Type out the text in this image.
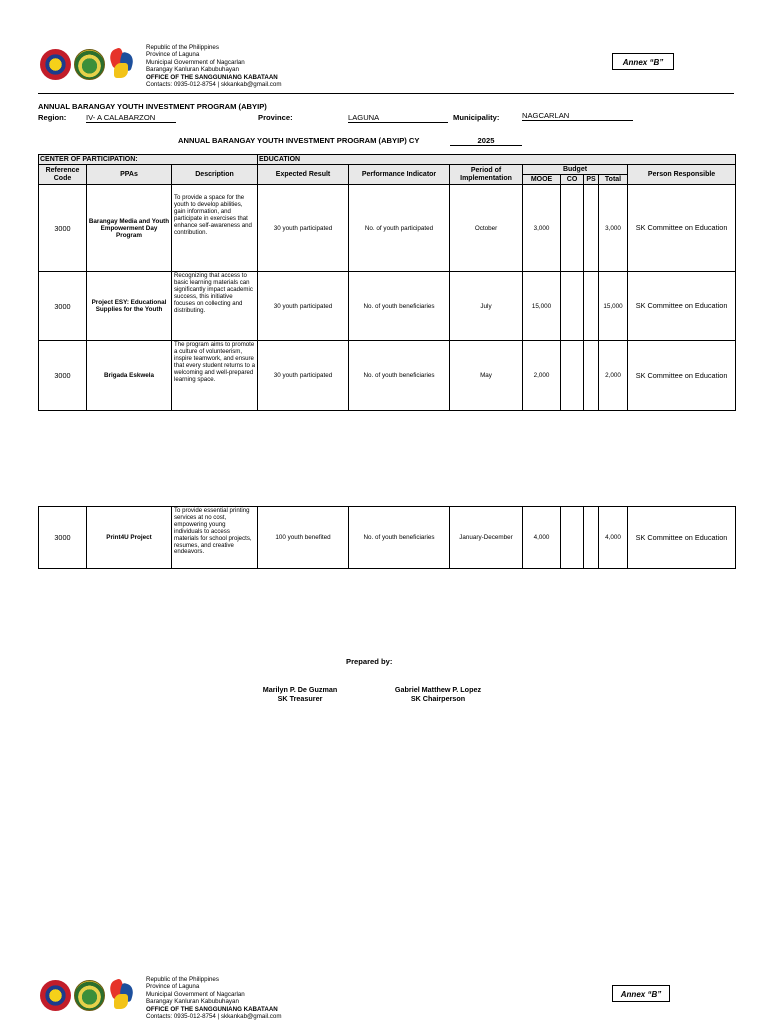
Republic of the Philippines
Province of Laguna
Municipal Government of Nagcarlan
Barangay Kanluran Kabubuhayan
OFFICE OF THE SANGGUNIANG KABATAAN
Contacts: 0935-012-8754 | skkankab@gmail.com
Annex “B”
ANNUAL BARANGAY YOUTH INVESTMENT PROGRAM (ABYIP)
Region:	IV- A CALABARZON	Province:	LAGUNA	Municipality:	NAGCARLAN
ANNUAL BARANGAY YOUTH INVESTMENT PROGRAM (ABYIP) CY	2025
CENTER OF PARTICIPATION:			EDUCATION							
Reference Code	PPAs	Description	Expected Result	Performance Indicator	Period of Implementation	Budget				Person Responsible
						MOOE	CO	PS	Total	
3000	Barangay Media and Youth Empowerment Day Program	To provide a space for the youth to develop abilities, gain information, and participate in exercises that enhance self-awareness and contribution.	30 youth participated	No. of youth participated	October	3,000			3,000	SK Committee on Education
3000	Project ESY: Educational Supplies for the Youth	Recognizing that access to basic learning materials can significantly impact academic success, this initiative focuses on collecting and distributing.	30 youth participated	No. of youth beneficiaries	July	15,000			15,000	SK Committee on Education
3000	Brigada Eskwela	The program aims to promote a culture of volunteerism, inspire teamwork, and ensure that every student returns to a welcoming and well-prepared learning space.	30 youth participated	No. of youth beneficiaries	May	2,000			2,000	SK Committee on Education
3000	Print4U Project	To provide essential printing services at no cost, empowering young individuals to access materials for school projects, resumes, and creative endeavors.	100 youth benefited	No. of youth beneficiaries	January-December	4,000			4,000	SK Committee on Education
Prepared by:
Marilyn P. De Guzman
SK Treasurer
Gabriel Matthew P. Lopez
SK Chairperson
Republic of the Philippines
Province of Laguna
Municipal Government of Nagcarlan
Barangay Kanluran Kabubuhayan
OFFICE OF THE SANGGUNIANG KABATAAN
Contacts: 0935-012-8754 | skkankab@gmail.com
Annex “B”
